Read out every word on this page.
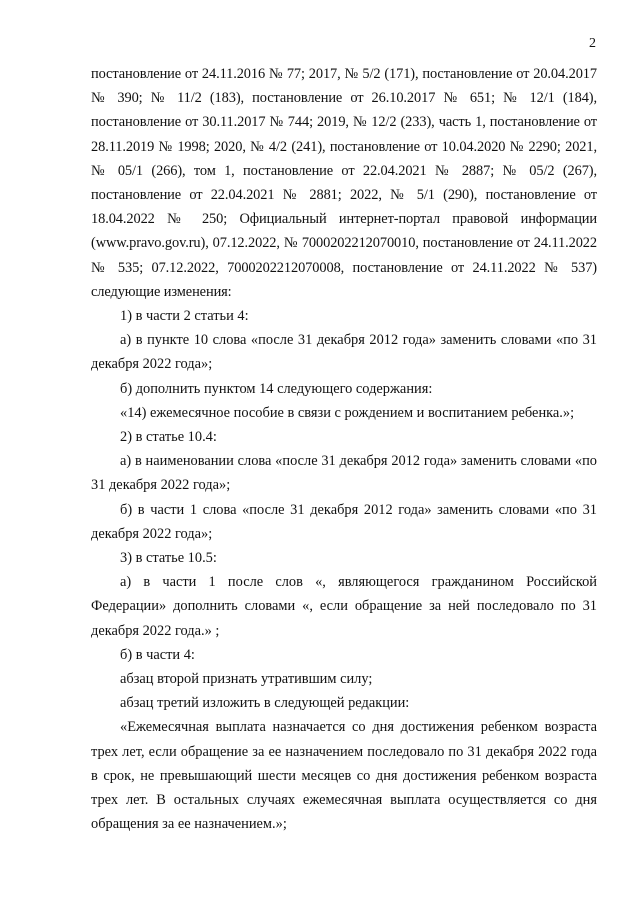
2

постановление от 24.11.2016 № 77; 2017, № 5/2 (171), постановление от 20.04.2017 № 390; № 11/2 (183), постановление от 26.10.2017 № 651; № 12/1 (184), постановление от 30.11.2017 № 744; 2019, № 12/2 (233), часть 1, постановление от 28.11.2019 № 1998; 2020, № 4/2 (241), постановление от 10.04.2020 № 2290; 2021, № 05/1 (266), том 1, постановление от 22.04.2021 № 2887; № 05/2 (267), постановление от 22.04.2021 № 2881; 2022, № 5/1 (290), постановление от 18.04.2022 № 250; Официальный интернет-портал правовой информации (www.pravo.gov.ru), 07.12.2022, № 7000202212070010, постановление от 24.11.2022 № 535; 07.12.2022, 7000202212070008, постановление от 24.11.2022 № 537) следующие изменения:

1) в части 2 статьи 4:

а) в пункте 10 слова «после 31 декабря 2012 года» заменить словами «по 31 декабря 2022 года»;

б) дополнить пунктом 14 следующего содержания:

«14) ежемесячное пособие в связи с рождением и воспитанием ребенка.»;

2) в статье 10.4:

а) в наименовании слова «после 31 декабря 2012 года» заменить словами «по 31 декабря 2022 года»;

б) в части 1 слова «после 31 декабря 2012 года» заменить словами «по 31 декабря 2022 года»;

3) в статье 10.5:

а) в части 1 после слов «, являющегося гражданином Российской Федерации» дополнить словами «, если обращение за ней последовало по 31 декабря 2022 года.» ;

б) в части 4:

абзац второй признать утратившим силу;

абзац третий изложить в следующей редакции:

«Ежемесячная выплата назначается со дня достижения ребенком возраста трех лет, если обращение за ее назначением последовало по 31 декабря 2022 года в срок, не превышающий шести месяцев со дня достижения ребенком возраста трех лет. В остальных случаях ежемесячная выплата осуществляется со дня обращения за ее назначением.»;
